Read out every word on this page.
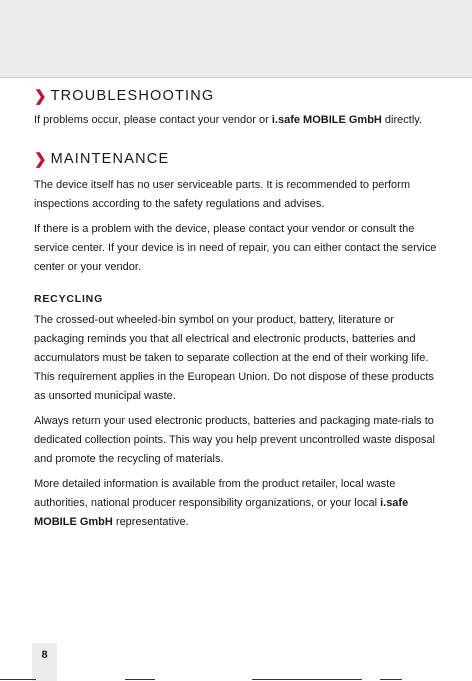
❯ TROUBLESHOOTING

If problems occur, please contact your vendor or i.safe MOBILE GmbH directly.

❯ MAINTENANCE

The device itself has no user serviceable parts. It is recommended to perform inspections according to the safety regulations and advises.

If there is a problem with the device, please contact your vendor or consult the service center. If your device is in need of repair, you can either contact the service center or your vendor.

RECYCLING

The crossed-out wheeled-bin symbol on your product, battery, literature or packaging reminds you that all electrical and electronic products, batteries and accumulators must be taken to separate collection at the end of their working life. This requirement applies in the European Union. Do not dispose of these products as unsorted municipal waste.

Always return your used electronic products, batteries and packaging mate-rials to dedicated collection points. This way you help prevent uncontrolled waste disposal and promote the recycling of materials.

More detailed information is available from the product retailer, local waste authorities, national producer responsibility organizations, or your local i.safe MOBILE GmbH representative.

8
